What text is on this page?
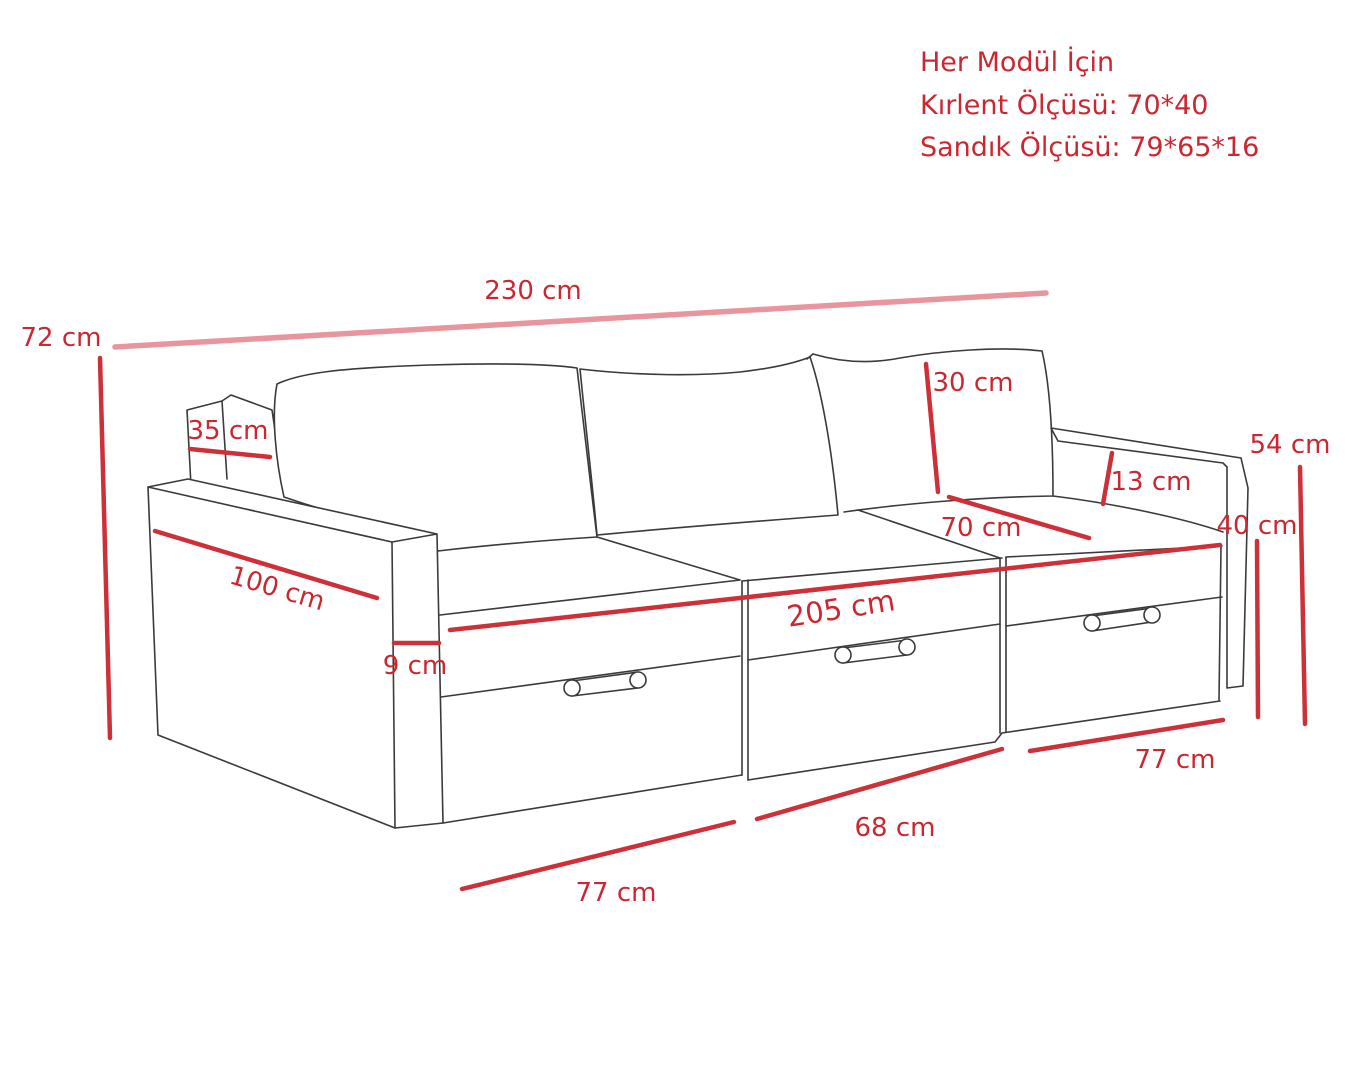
Her Modül İçin
Kırlent Ölçüsü: 70*40
Sandık Ölçüsü: 79*65*16
230 cm
72 cm
35 cm
100 cm
9 cm
30 cm
70 cm
13 cm
54 cm
40 cm
205 cm
68 cm
77 cm
77 cm
